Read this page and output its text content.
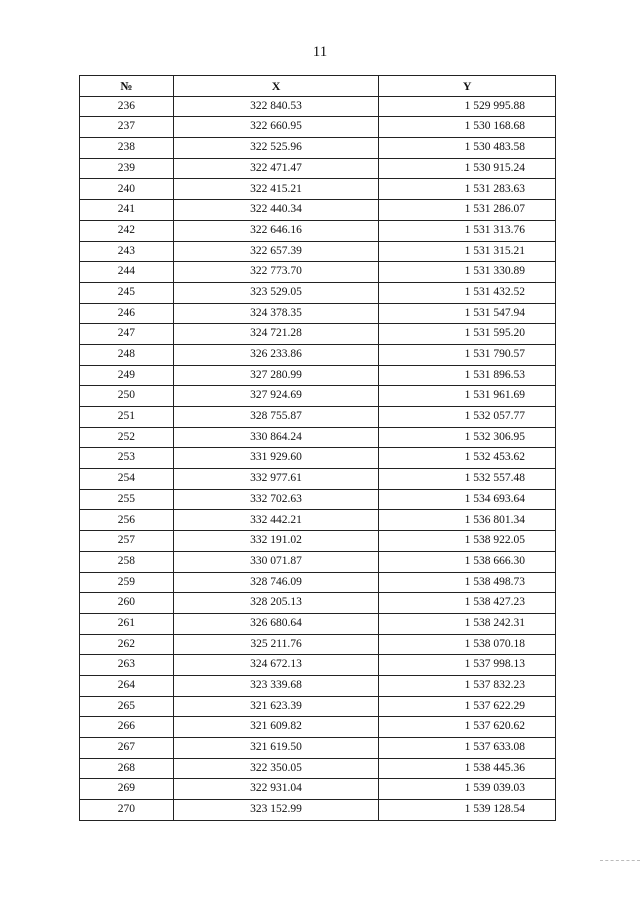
11
№	X	Y
236	322 840.53	1 529 995.88
237	322 660.95	1 530 168.68
238	322 525.96	1 530 483.58
239	322 471.47	1 530 915.24
240	322 415.21	1 531 283.63
241	322 440.34	1 531 286.07
242	322 646.16	1 531 313.76
243	322 657.39	1 531 315.21
244	322 773.70	1 531 330.89
245	323 529.05	1 531 432.52
246	324 378.35	1 531 547.94
247	324 721.28	1 531 595.20
248	326 233.86	1 531 790.57
249	327 280.99	1 531 896.53
250	327 924.69	1 531 961.69
251	328 755.87	1 532 057.77
252	330 864.24	1 532 306.95
253	331 929.60	1 532 453.62
254	332 977.61	1 532 557.48
255	332 702.63	1 534 693.64
256	332 442.21	1 536 801.34
257	332 191.02	1 538 922.05
258	330 071.87	1 538 666.30
259	328 746.09	1 538 498.73
260	328 205.13	1 538 427.23
261	326 680.64	1 538 242.31
262	325 211.76	1 538 070.18
263	324 672.13	1 537 998.13
264	323 339.68	1 537 832.23
265	321 623.39	1 537 622.29
266	321 609.82	1 537 620.62
267	321 619.50	1 537 633.08
268	322 350.05	1 538 445.36
269	322 931.04	1 539 039.03
270	323 152.99	1 539 128.54
